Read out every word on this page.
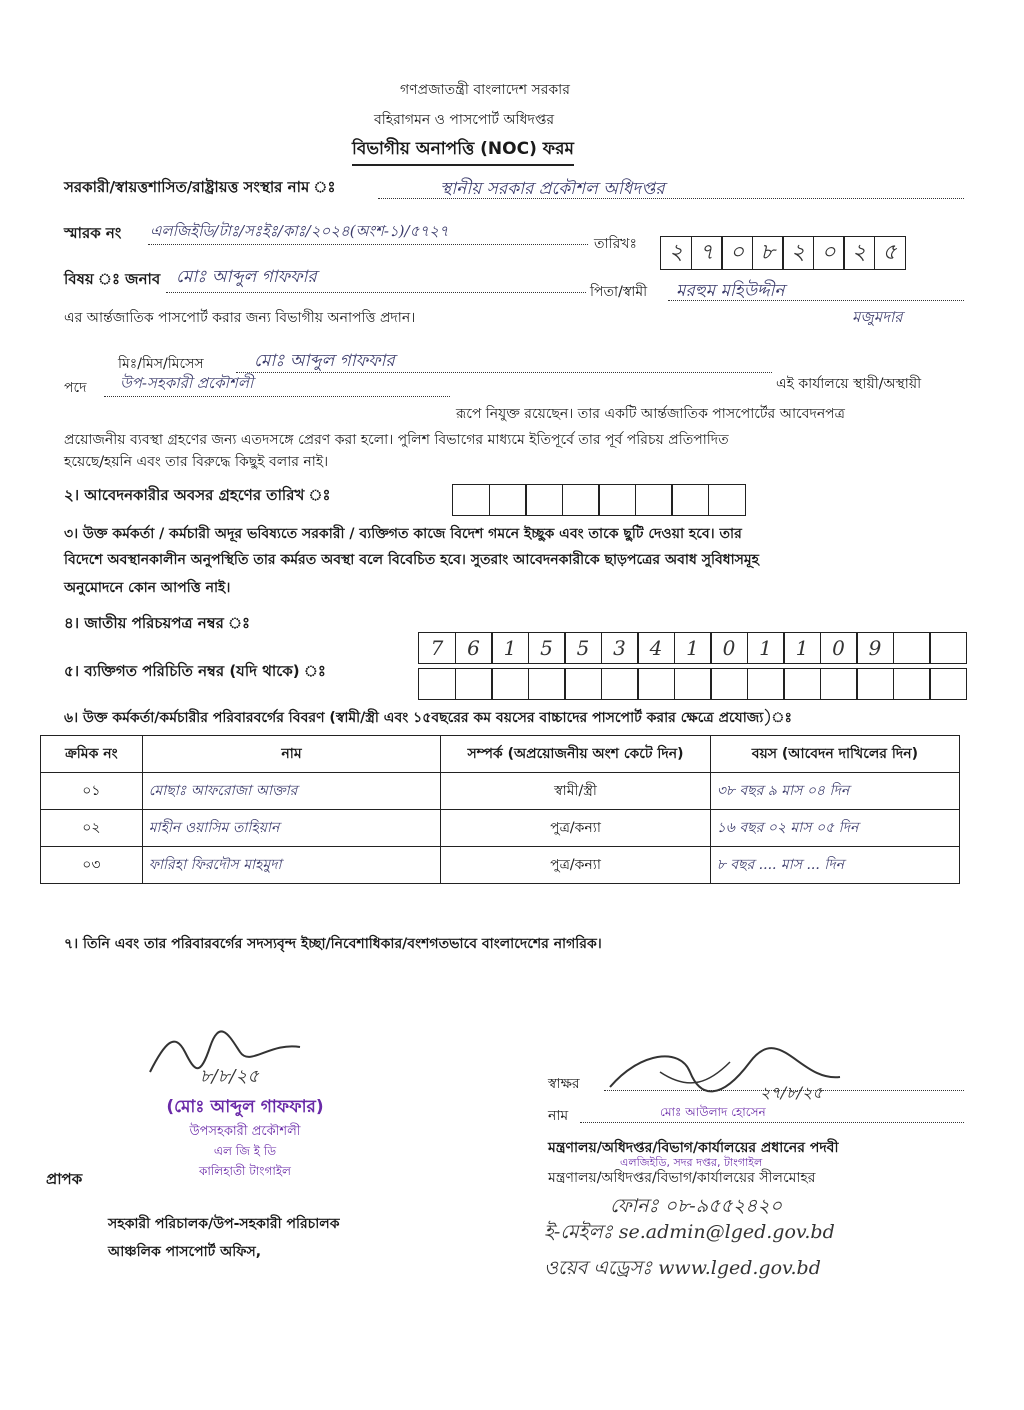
গণপ্রজাতন্ত্রী বাংলাদেশ সরকার
বহিরাগমন ও পাসপোর্ট অধিদপ্তর
বিভাগীয় অনাপত্তি (NOC) ফরম
সরকারী/স্বায়ত্তশাসিত/রাষ্ট্রায়ত্ত সংস্থার নাম ঃ	স্থানীয় সরকার প্রকৌশল অধিদপ্তর
স্মারক নং এলজিইডি/টাঃ/সঃইঃ/কাঃ/২০২৪(অংশ-১)/৫৭২৭
তারিখঃ	২ ৭ ০ ৮ ২ ০ ২ ৫
বিষয় ঃ জনাব মোঃ আব্দুল গাফফার
পিতা/স্বামী মরহুম মহিউদ্দীন
মজুমদার
এর আর্ন্তজাতিক পাসপোর্ট করার জন্য বিভাগীয় অনাপত্তি প্রদান।
মিঃ/মিস/মিসেস	মোঃ আব্দুল গাফফার
এই কার্যালয়ে স্থায়ী/অস্থায়ী
পদে উপ-সহকারী প্রকৌশলী
রূপে নিযুক্ত রয়েছেন। তার একটি আর্ন্তজাতিক পাসপোর্টের আবেদনপত্র
প্রয়োজনীয় ব্যবস্থা গ্রহণের জন্য এতদসঙ্গে প্রেরণ করা হলো। পুলিশ বিভাগের মাধ্যমে ইতিপূর্বে তার পূর্ব পরিচয় প্রতিপাদিত
হয়েছে/হয়নি এবং তার বিরুদ্ধে কিছুই বলার নাই।
২। আবেদনকারীর অবসর গ্রহণের তারিখ ঃ
৩। উক্ত কর্মকর্তা / কর্মচারী অদূর ভবিষ্যতে সরকারী / ব্যক্তিগত কাজে বিদেশ গমনে ইচ্ছুক এবং তাকে ছুটি দেওয়া হবে। তার
বিদেশে অবস্থানকালীন অনুপস্থিতি তার কর্মরত অবস্থা বলে বিবেচিত হবে। সুতরাং আবেদনকারীকে ছাড়পত্রের অবাধ সুবিধাসমূহ
অনুমোদনে কোন আপত্তি নাই।
৪। জাতীয় পরিচয়পত্র নম্বর ঃ
7	6	1	5	5	3	4	1	0	1	1	0	9
৫। ব্যক্তিগত পরিচিতি নম্বর (যদি থাকে) ঃ
৬। উক্ত কর্মকর্তা/কর্মচারীর পরিবারবর্গের বিবরণ (স্বামী/স্ত্রী এবং ১৫বছরের কম বয়সের বাচ্চাদের পাসপোর্ট করার ক্ষেত্রে প্রযোজ্য)ঃ
ক্রমিক নং	নাম	সম্পর্ক (অপ্রয়োজনীয় অংশ কেটে দিন)	বয়স (আবেদন দাখিলের দিন)
০১	মোছাঃ আফরোজা আক্তার	স্বামী/স্ত্রী	৩৮ বছর ৯ মাস ০৪ দিন
০২	মাহীন ওয়াসিম তাহিয়ান	পুত্র/কন্যা	১৬ বছর ০২ মাস ০৫ দিন
০৩	ফারিহা ফিরদৌস মাহমুদা	পুত্র/কন্যা	৮ বছর .... মাস ... দিন
৭। তিনি এবং তার পরিবারবর্গের সদস্যবৃন্দ ইচ্ছা/নিবেশাধিকার/বংশগতভাবে বাংলাদেশের নাগরিক।
৮/৮/২৫
(মোঃ আব্দুল গাফফার)
উপসহকারী প্রকৌশলী
এল জি ই ডি
কালিহাতী টাংগাইল
প্রাপক
সহকারী পরিচালক/উপ-সহকারী পরিচালক
আঞ্চলিক পাসপোর্ট অফিস,
স্বাক্ষর	২৭/৮/২৫
নাম	মোঃ আউলাদ হোসেন
মন্ত্রণালয়/অধিদপ্তর/বিভাগ/কার্যালয়ের প্রধানের পদবী
এলজিইডি, সদর দপ্তর, টাংগাইল
মন্ত্রণালয়/অধিদপ্তর/বিভাগ/কার্যালয়ের সীলমোহর
ফোনঃ ০৮-৯৫৫২৪২০
ই-মেইলঃ se.admin@lged.gov.bd
ওয়েব এড্রেসঃ www.lged.gov.bd
